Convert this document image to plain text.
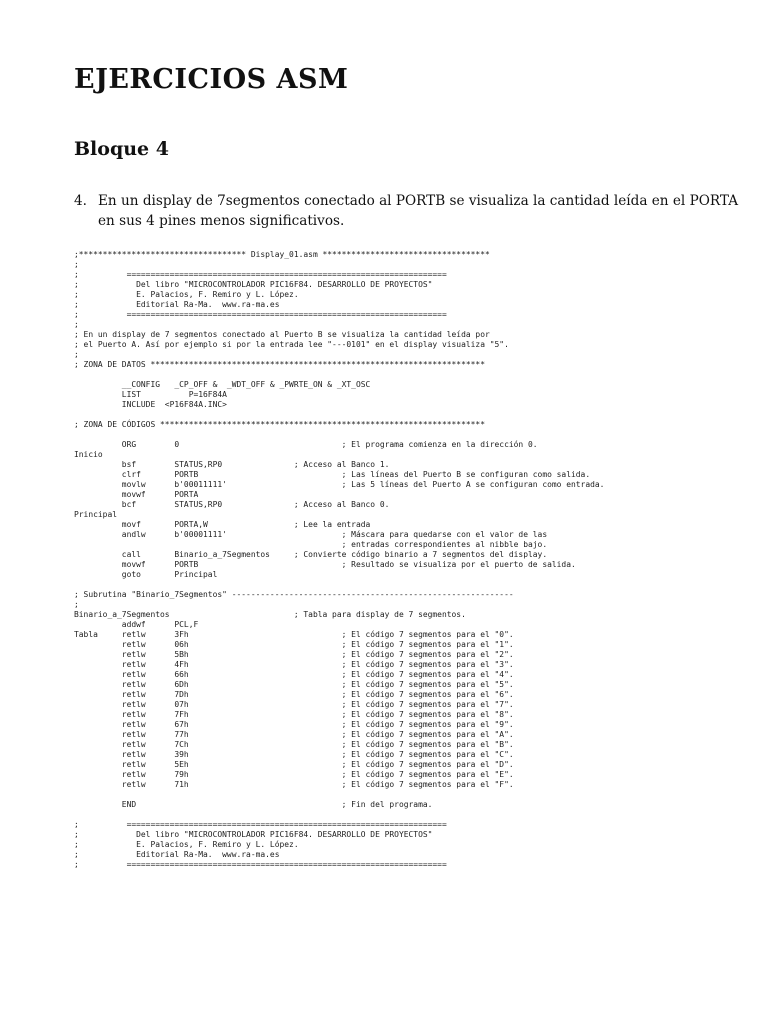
EJERCICIOS ASM
Bloque 4
4. En un display de 7segmentos conectado al PORTB se visualiza la cantidad leída en el PORTA
en sus 4 pines menos significativos.
;*********************************** Display_01.asm ***********************************
;
;          ===================================================================
;            Del libro "MICROCONTROLADOR PIC16F84. DESARROLLO DE PROYECTOS"
;            E. Palacios, F. Remiro y L. López.
;            Editorial Ra-Ma.  www.ra-ma.es
;          ===================================================================
;
; En un display de 7 segmentos conectado al Puerto B se visualiza la cantidad leída por
; el Puerto A. Así por ejemplo si por la entrada lee "---0101" en el display visualiza "5".
;
; ZONA DE DATOS **********************************************************************
__CONFIG   _CP_OFF &  _WDT_OFF & _PWRTE_ON & _XT_OSC
LIST          P=16F84A
INCLUDE  <P16F84A.INC>
; ZONA DE CÓDIGOS ********************************************************************
ORG        0                                  ; El programa comienza en la dirección 0.
Inicio
bsf        STATUS,RP0               ; Acceso al Banco 1.
clrf       PORTB                              ; Las líneas del Puerto B se configuran como salida.
movlw      b'00011111'                        ; Las 5 líneas del Puerto A se configuran como entrada.
movwf      PORTA
bcf        STATUS,RP0               ; Acceso al Banco 0.
Principal
movf       PORTA,W                  ; Lee la entrada
andlw      b'00001111'                        ; Máscara para quedarse con el valor de las
; entradas correspondientes al nibble bajo.
call       Binario_a_7Segmentos     ; Convierte código binario a 7 segmentos del display.
movwf      PORTB                              ; Resultado se visualiza por el puerto de salida.
goto       Principal
; Subrutina "Binario_7Segmentos" -----------------------------------------------------------
;
Binario_a_7Segmentos                          ; Tabla para display de 7 segmentos.
addwf      PCL,F
Tabla     retlw      3Fh                                ; El código 7 segmentos para el "0".
retlw      06h                                ; El código 7 segmentos para el "1".
retlw      5Bh                                ; El código 7 segmentos para el "2".
retlw      4Fh                                ; El código 7 segmentos para el "3".
retlw      66h                                ; El código 7 segmentos para el "4".
retlw      6Dh                                ; El código 7 segmentos para el "5".
retlw      7Dh                                ; El código 7 segmentos para el "6".
retlw      07h                                ; El código 7 segmentos para el "7".
retlw      7Fh                                ; El código 7 segmentos para el "8".
retlw      67h                                ; El código 7 segmentos para el "9".
retlw      77h                                ; El código 7 segmentos para el "A".
retlw      7Ch                                ; El código 7 segmentos para el "B".
retlw      39h                                ; El código 7 segmentos para el "C".
retlw      5Eh                                ; El código 7 segmentos para el "D".
retlw      79h                                ; El código 7 segmentos para el "E".
retlw      71h                                ; El código 7 segmentos para el "F".
END                                           ; Fin del programa.
;          ===================================================================
;            Del libro "MICROCONTROLADOR PIC16F84. DESARROLLO DE PROYECTOS"
;            E. Palacios, F. Remiro y L. López.
;            Editorial Ra-Ma.  www.ra-ma.es
;          ===================================================================
